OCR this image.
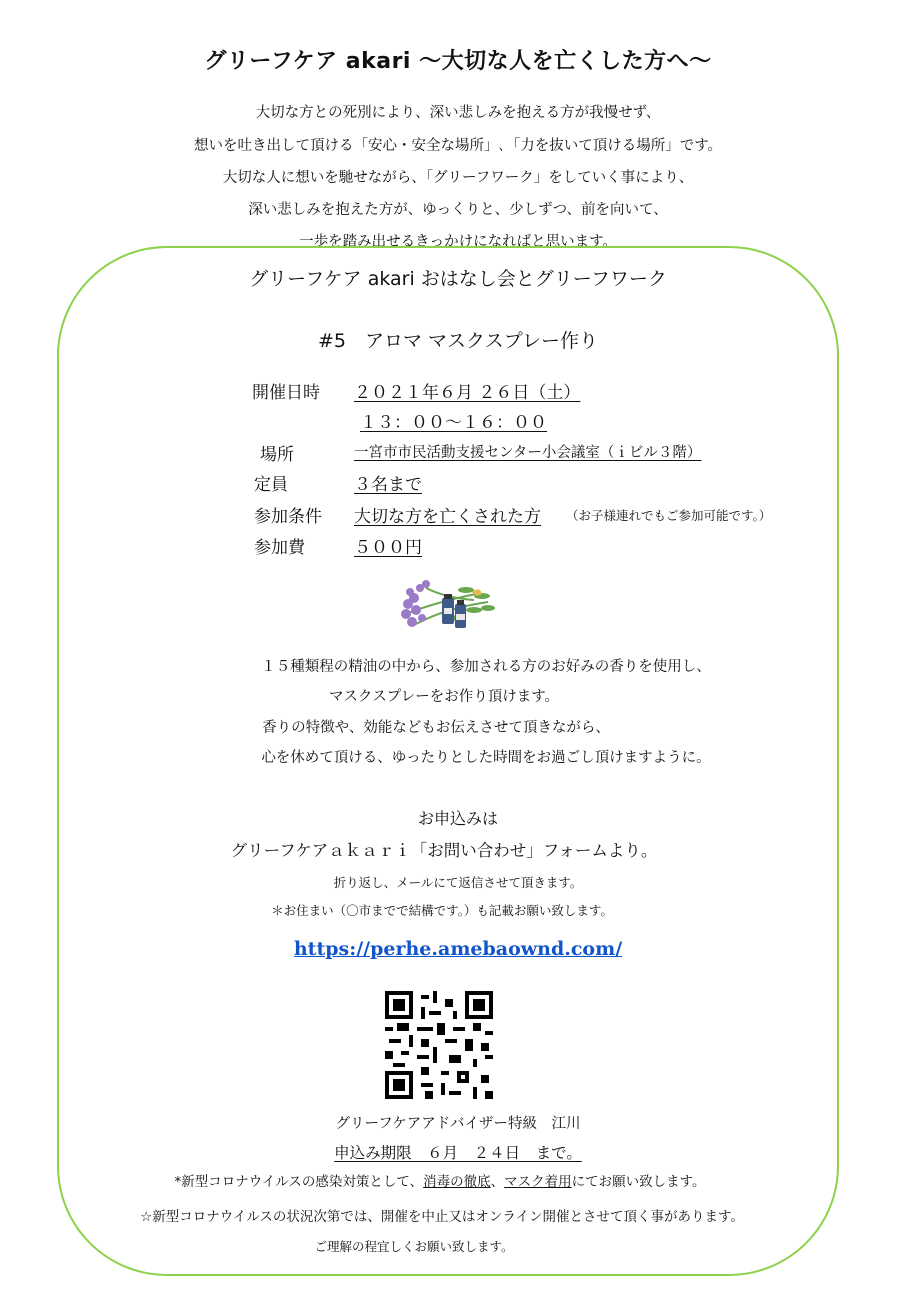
グリーフケア akari ～大切な人を亡くした方へ～
大切な方との死別により、深い悲しみを抱える方が我慢せず、
想いを吐き出して頂ける「安心・安全な場所」､「力を抜いて頂ける場所」です。
大切な人に想いを馳せながら、「グリーフワーク」をしていく事により、
深い悲しみを抱えた方が、ゆっくりと、少しずつ、前を向いて、
一歩を踏み出せるきっかけになればと思います。
グリーフケア akari おはなし会とグリーフワーク
#5　アロマ マスクスプレー作り
開催日時 ２０２１年６月 ２６日（土）
１３：００～１６：００
場所	一宮市市民活動支援センター小会議室（ｉビル３階）
定員	３名まで
参加条件 大切な方を亡くされた方 （お子様連れでもご参加可能です。）
参加費	５００円
１５種類程の精油の中から、参加される方のお好みの香りを使用し、
マスクスプレーをお作り頂けます。
香りの特徴や、効能などもお伝えさせて頂きながら、
心を休めて頂ける、ゆったりとした時間をお過ごし頂けますように。
お申込みは
グリーフケアａｋａｒｉ「お問い合わせ」フォームより。
折り返し、メールにて返信させて頂きます。
＊お住まい（〇市までで結構です。）も記載お願い致します。
https://perhe.amebaownd.com/
グリーフケアアドバイザー特級　江川
申込み期限　６月　２４日　まで。
*新型コロナウイルスの感染対策として、消毒の徹底、マスク着用にてお願い致します。
☆新型コロナウイルスの状況次第では、開催を中止又はオンライン開催とさせて頂く事があります。
ご理解の程宜しくお願い致します。
